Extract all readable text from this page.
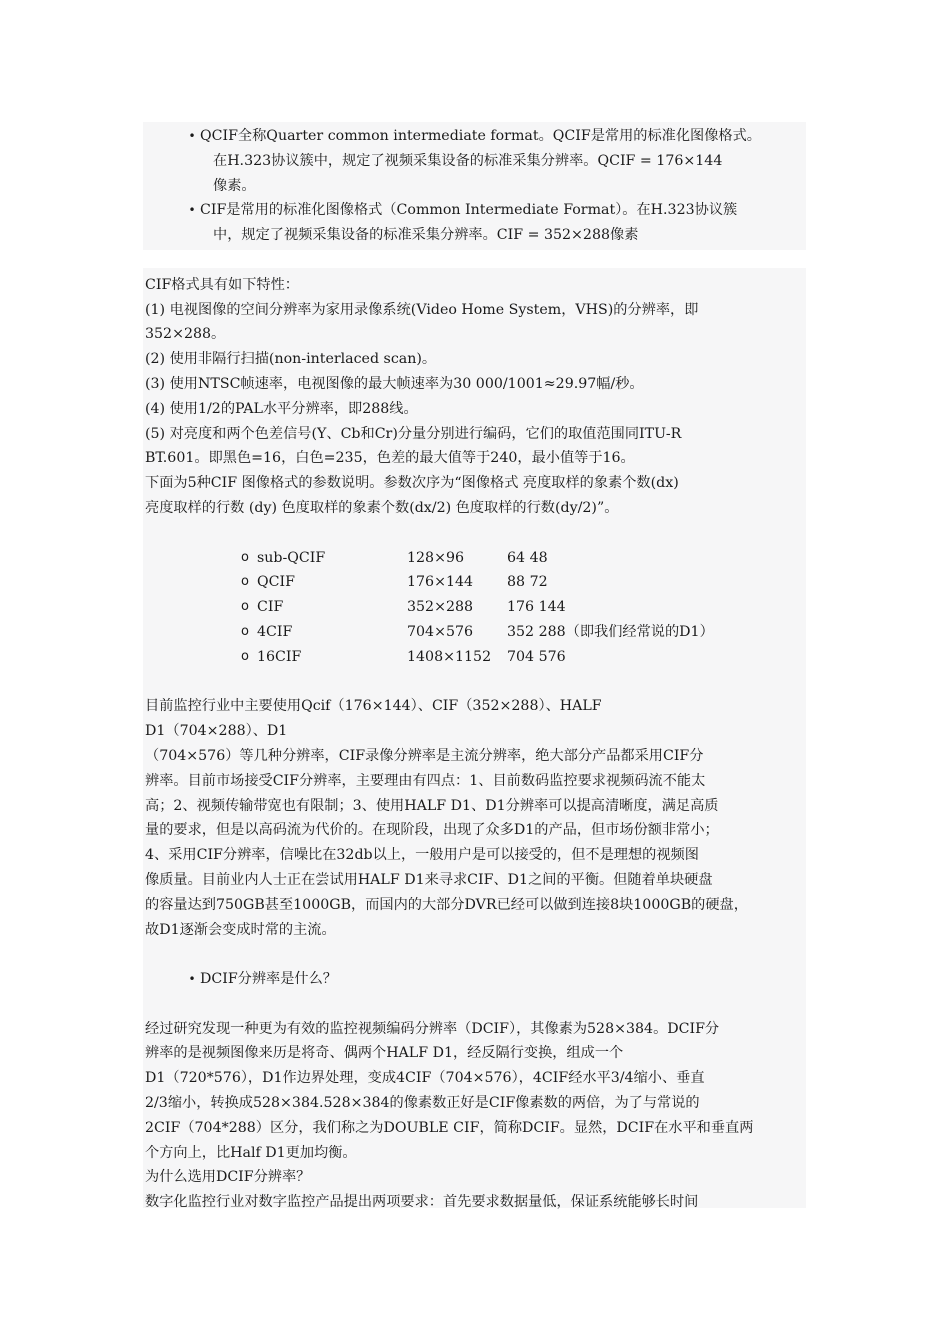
• QCIF全称Quarter common intermediate format。QCIF是常用的标准化图像格式。
在H.323协议簇中，规定了视频采集设备的标准采集分辨率。QCIF = 176×144
像素。
• CIF是常用的标准化图像格式（Common Intermediate Format）。在H.323协议簇
中，规定了视频采集设备的标准采集分辨率。CIF = 352×288像素
CIF格式具有如下特性：
(1) 电视图像的空间分辨率为家用录像系统(Video Home System，VHS)的分辨率，即
352×288。
(2) 使用非隔行扫描(non-interlaced scan)。
(3) 使用NTSC帧速率，电视图像的最大帧速率为30 000/1001≈29.97幅/秒。
(4) 使用1/2的PAL水平分辨率，即288线。
(5) 对亮度和两个色差信号(Y、Cb和Cr)分量分别进行编码，它们的取值范围同ITU-R
BT.601。即黑色=16，白色=235，色差的最大值等于240，最小值等于16。
下面为5种CIF 图像格式的参数说明。参数次序为“图像格式 亮度取样的象素个数(dx)
亮度取样的行数 (dy) 色度取样的象素个数(dx/2) 色度取样的行数(dy/2)”。
o sub-QCIF	128×96	64 48
o QCIF	176×144	88 72
o CIF	352×288	176 144
o 4CIF	704×576	352 288（即我们经常说的D1）
o 16CIF	1408×1152	704 576
目前监控行业中主要使用Qcif（176×144）、CIF（352×288）、HALF
D1（704×288）、D1
（704×576）等几种分辨率，CIF录像分辨率是主流分辨率，绝大部分产品都采用CIF分
辨率。目前市场接受CIF分辨率，主要理由有四点：1、目前数码监控要求视频码流不能太
高；2、视频传输带宽也有限制；3、使用HALF D1、D1分辨率可以提高清晰度，满足高质
量的要求，但是以高码流为代价的。在现阶段，出现了众多D1的产品，但市场份额非常小；
4、采用CIF分辨率，信噪比在32db以上，一般用户是可以接受的，但不是理想的视频图
像质量。目前业内人士正在尝试用HALF D1来寻求CIF、D1之间的平衡。但随着单块硬盘
的容量达到750GB甚至1000GB，而国内的大部分DVR已经可以做到连接8块1000GB的硬盘，
故D1逐渐会变成时常的主流。
• DCIF分辨率是什么？
经过研究发现一种更为有效的监控视频编码分辨率（DCIF），其像素为528×384。DCIF分
辨率的是视频图像来历是将奇、偶两个HALF D1，经反隔行变换，组成一个
D1（720*576），D1作边界处理，变成4CIF（704×576），4CIF经水平3/4缩小、垂直
2/3缩小，转换成528×384.528×384的像素数正好是CIF像素数的两倍，为了与常说的
2CIF（704*288）区分，我们称之为DOUBLE CIF，简称DCIF。显然，DCIF在水平和垂直两
个方向上，比Half D1更加均衡。
为什么选用DCIF分辨率？
数字化监控行业对数字监控产品提出两项要求：首先要求数据量低，保证系统能够长时间
